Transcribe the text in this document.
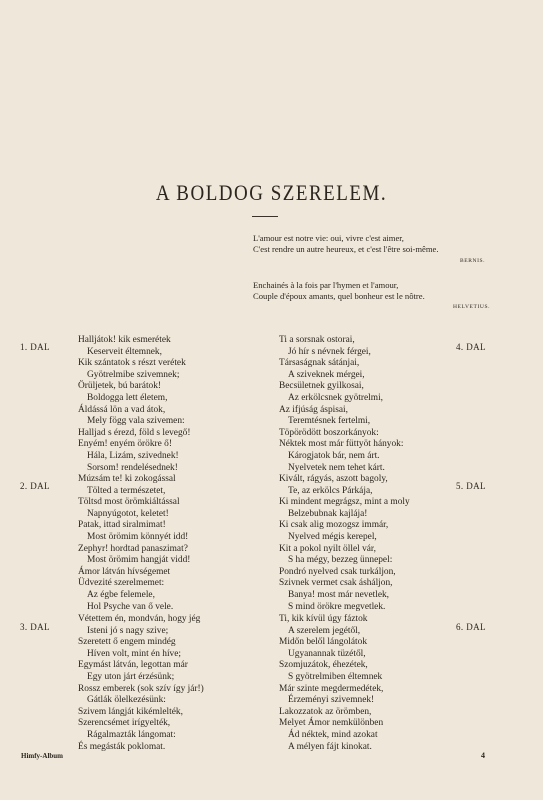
A BOLDOG SZERELEM.
L'amour est notre vie: oui, vivre c'est aimer,
C'est rendre un autre heureux, et c'est l'être soi-même.
BERNIS.
Enchainés à la fois par l'hymen et l'amour,
Couple d'époux amants, quel bonheur est le nôtre.
HELVETIUS.
1. DAL
2. DAL
3. DAL
4. DAL
5. DAL
6. DAL
Halljátok! kik esmerétek
Keserveit éltemnek,
Kik szántatok s részt verétek
Gyötrelmibe szivemnek;
Örüljetek, bú barátok!
Boldogga lett életem,
Áldássá lön a vad átok,
Mely fögg vala szivemen:
Halljad s érezd, föld s levegő!
Enyém! enyém örökre ő!
Hála, Lizám, szivednek!
Sorsom! rendelésednek!
Múzsám te! ki zokogással
Tölted a természetet,
Töltsd most örömkiáltással
Napnyúgotot, keletet!
Patak, ittad siralmimat!
Most örömim könnyét idd!
Zephyr! hordtad panaszimat?
Most örömim hangját vidd!
Ámor látván hívségemet
Üdvezité szerelmemet:
Az égbe felemele,
Hol Psyche van ő vele.
Vétettem én, mondván, hogy jég
Isteni jó s nagy szive;
Szeretett ő engem mindég
Híven volt, mint én híve;
Egymást látván, legottan már
Egy uton járt érzésünk;
Rossz emberek (sok szív így jár!)
Gátlák ölelkezésünk:
Szivem lángját kikémlelték,
Szerencsémet irígyelték,
Rágalmazták lángomat:
És megásták poklomat.
Ti a sorsnak ostorai,
Jó hír s névnek férgei,
Társaságnak sátánjai,
A sziveknek mérgei,
Becsületnek gyilkosai,
Az erkölcsnek gyötrelmi,
Az ifjúság áspisai,
Teremtésnek fertelmi,
Töpörödött boszorkányok:
Néktek most már füttyöt hányok:
Károgjatok bár, nem árt.
Nyelvetek nem tehet kárt.
Kivált, rágyás, aszott bagoly,
Te, az erkölcs Párkája,
Ki mindent megrágsz, mint a moly
Belzebubnak kajlája!
Ki csak alig mozogsz immár,
Nyelved mégis kerepel,
Kit a pokol nyilt öllel vár,
S ha mégy, bezzeg ünnepel:
Pondró nyelved csak turkáljon,
Szivnek vermet csak ásháljon,
Banya! most már nevetlek,
S mind örökre megvetlek.
Ti, kik kívül úgy fáztok
A szerelem jegétől,
Midőn belől lángolátok
Ugyanannak tüzétől,
Szomjuzátok, éhezétek,
S gyötrelmiben éltemnek
Már szinte megdermedétek,
Érzeményi szivemnek!
Lakozzatok az örömben,
Melyet Ámor nemkülönben
Ád néktek, mind azokat
A mélyen fájt kinokat.
Himfy-Album	4
